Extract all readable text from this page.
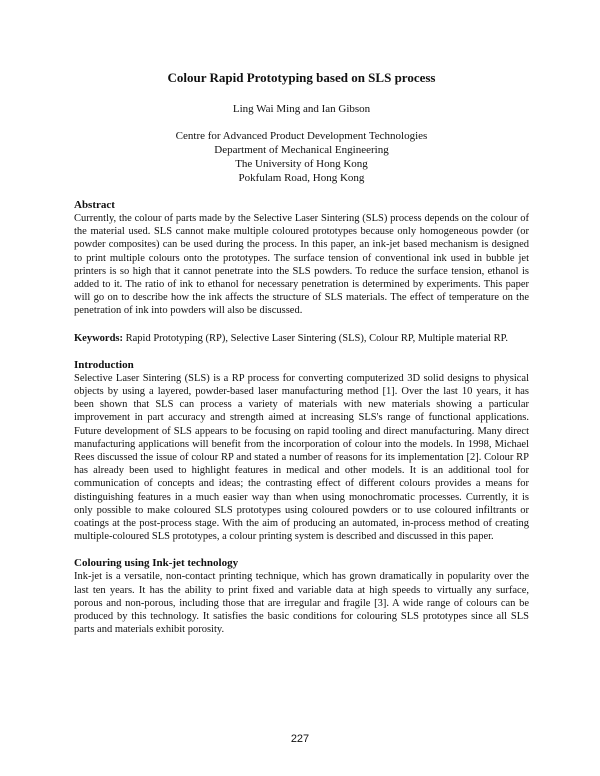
Colour Rapid Prototyping based on SLS process
Ling Wai Ming and Ian Gibson
Centre for Advanced Product Development Technologies
Department of Mechanical Engineering
The University of Hong Kong
Pokfulam Road, Hong Kong
Abstract

Currently, the colour of parts made by the Selective Laser Sintering (SLS) process depends on the colour of the material used. SLS cannot make multiple coloured prototypes because only homogeneous powder (or powder composites) can be used during the process. In this paper, an ink-jet based mechanism is designed to print multiple colours onto the prototypes. The surface tension of conventional ink used in bubble jet printers is so high that it cannot penetrate into the SLS powders. To reduce the surface tension, ethanol is added to it. The ratio of ink to ethanol for necessary penetration is determined by experiments. This paper will go on to describe how the ink affects the structure of SLS materials. The effect of temperature on the penetration of ink into powders will also be discussed.

Keywords: Rapid Prototyping (RP), Selective Laser Sintering (SLS), Colour RP, Multiple material RP.
Introduction

Selective Laser Sintering (SLS) is a RP process for converting computerized 3D solid designs to physical objects by using a layered, powder-based laser manufacturing method [1]. Over the last 10 years, it has been shown that SLS can process a variety of materials with new materials showing a particular improvement in part accuracy and strength aimed at increasing SLS's range of functional applications. Future development of SLS appears to be focusing on rapid tooling and direct manufacturing. Many direct manufacturing applications will benefit from the incorporation of colour into the models. In 1998, Michael Rees discussed the issue of colour RP and stated a number of reasons for its implementation [2]. Colour RP has already been used to highlight features in medical and other models. It is an additional tool for communication of concepts and ideas; the contrasting effect of different colours provides a means for distinguishing features in a much easier way than when using monochromatic processes. Currently, it is only possible to make coloured SLS prototypes using coloured powders or to use coloured infiltrants or coatings at the post-process stage. With the aim of producing an automated, in-process method of creating multiple-coloured SLS prototypes, a colour printing system is described and discussed in this paper.

Colouring using Ink-jet technology

Ink-jet is a versatile, non-contact printing technique, which has grown dramatically in popularity over the last ten years. It has the ability to print fixed and variable data at high speeds to virtually any surface, porous and non-porous, including those that are irregular and fragile [3]. A wide range of colours can be produced by this technology. It satisfies the basic conditions for colouring SLS prototypes since all SLS parts and materials exhibit porosity.

227
